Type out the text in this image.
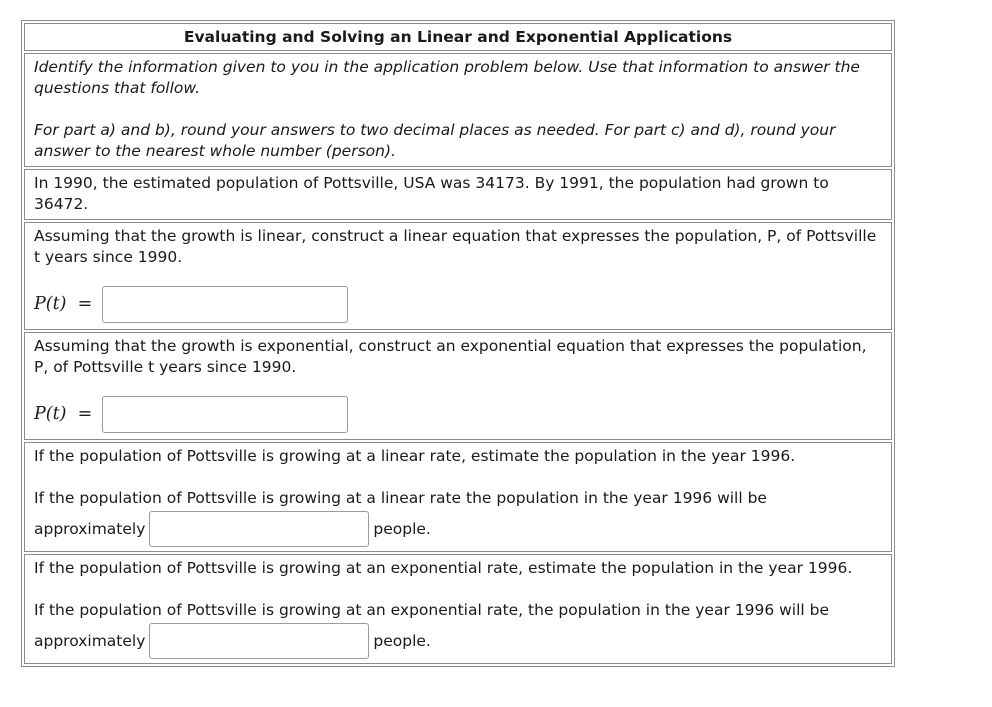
Evaluating and Solving an Linear and Exponential Applications
Identify the information given to you in the application problem below. Use that information to answer the questions that follow.
For part a) and b), round your answers to two decimal places as needed. For part c) and d), round your answer to the nearest whole number (person).
In 1990, the estimated population of Pottsville, USA was 34173. By 1991, the population had grown to 36472.
Assuming that the growth is linear, construct a linear equation that expresses the population, P, of Pottsville t years since 1990.
P(t) =
Assuming that the growth is exponential, construct an exponential equation that expresses the population, P, of Pottsville t years since 1990.
P(t) =
If the population of Pottsville is growing at a linear rate, estimate the population in the year 1996.
If the population of Pottsville is growing at a linear rate the population in the year 1996 will be
approximately	people.
If the population of Pottsville is growing at an exponential rate, estimate the population in the year 1996.
If the population of Pottsville is growing at an exponential rate, the population in the year 1996 will be
approximately	people.
